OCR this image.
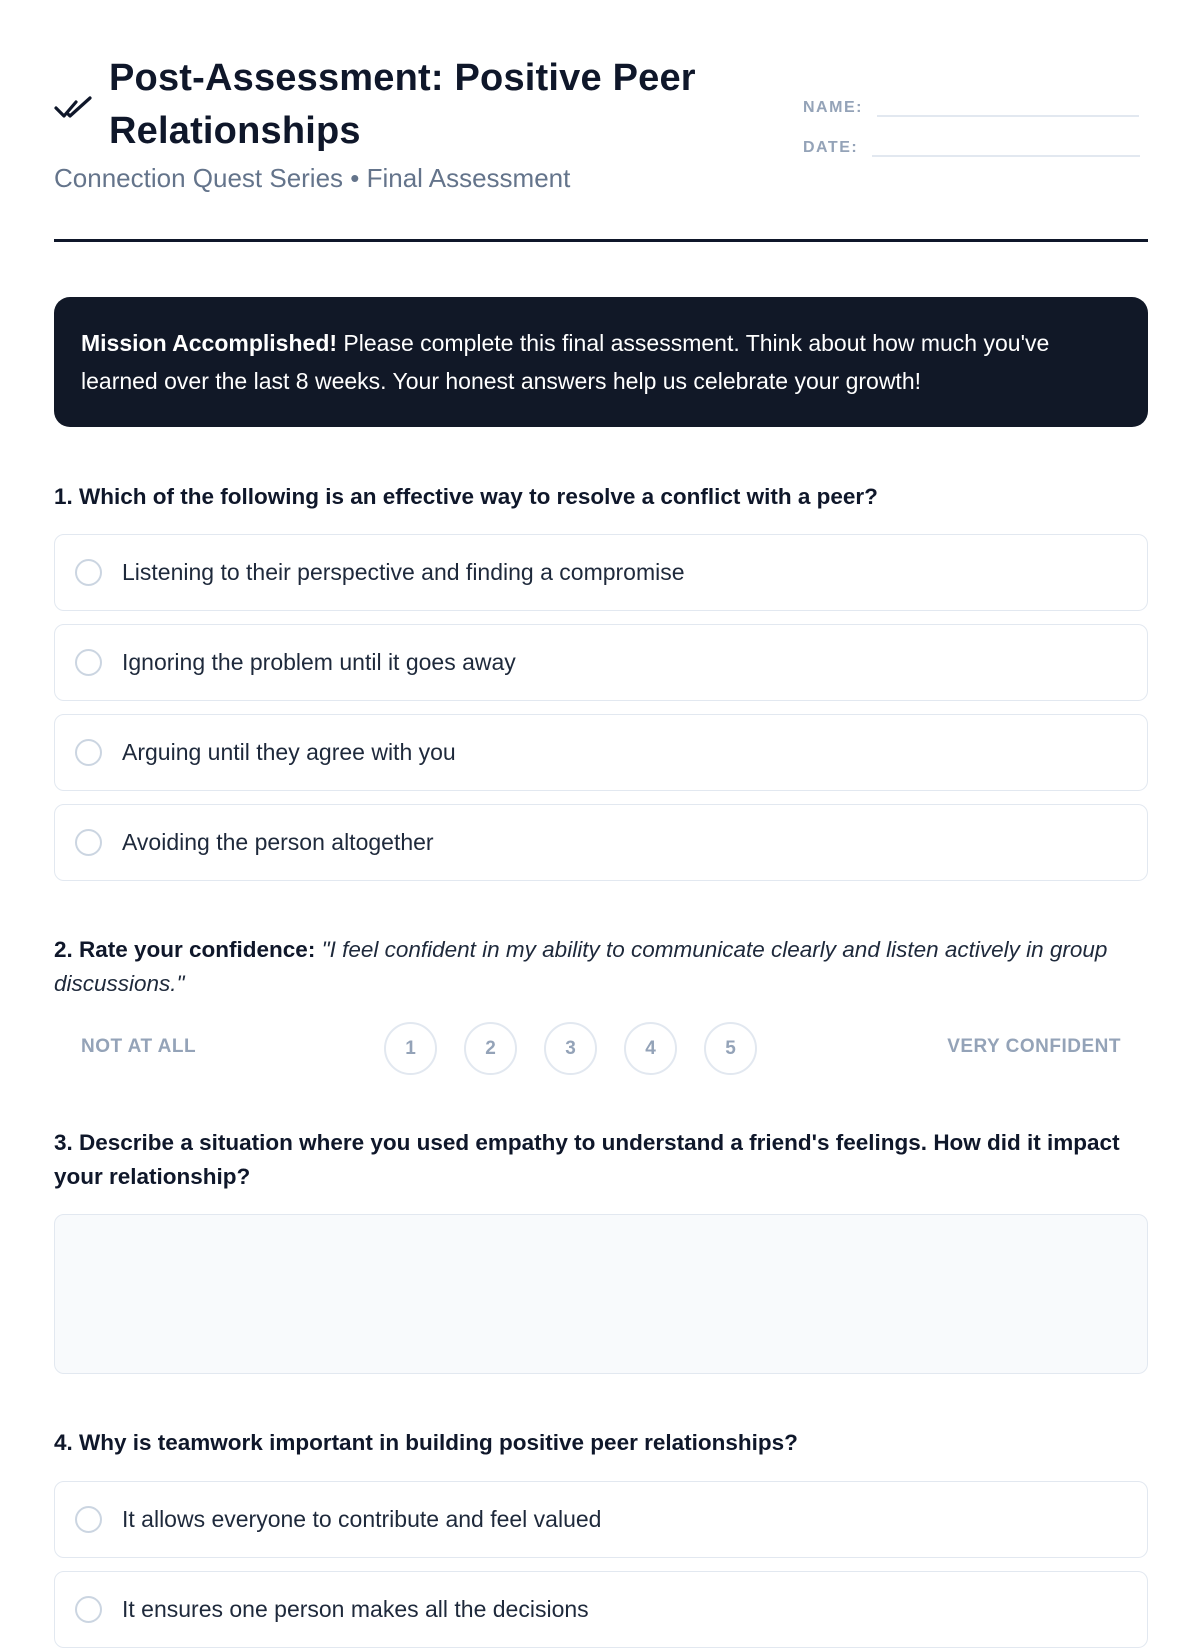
Post-Assessment: Positive Peer Relationships
Connection Quest Series • Final Assessment
NAME:
DATE:
Mission Accomplished! Please complete this final assessment. Think about how much you've learned over the last 8 weeks. Your honest answers help us celebrate your growth!
1. Which of the following is an effective way to resolve a conflict with a peer?
Listening to their perspective and finding a compromise
Ignoring the problem until it goes away
Arguing until they agree with you
Avoiding the person altogether
2. Rate your confidence: "I feel confident in my ability to communicate clearly and listen actively in group discussions."
NOT AT ALL	1	2	3	4	5	VERY CONFIDENT
3. Describe a situation where you used empathy to understand a friend's feelings. How did it impact your relationship?
4. Why is teamwork important in building positive peer relationships?
It allows everyone to contribute and feel valued
It ensures one person makes all the decisions
